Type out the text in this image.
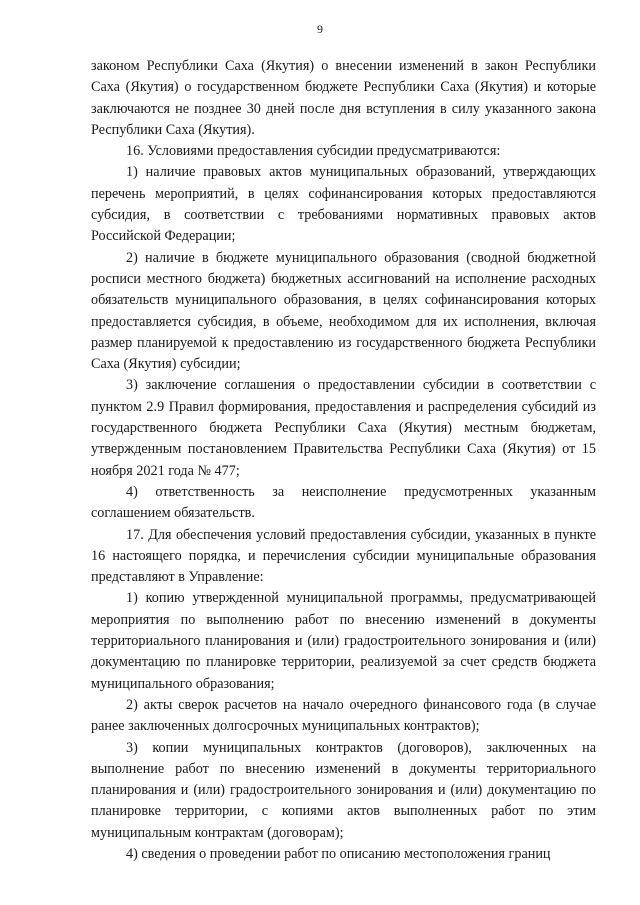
9

законом Республики Саха (Якутия) о внесении изменений в закон Республики Саха (Якутия) о государственном бюджете Республики Саха (Якутия) и которые заключаются не позднее 30 дней после дня вступления в силу указанного закона Республики Саха (Якутия).

16. Условиями предоставления субсидии предусматриваются:

1) наличие правовых актов муниципальных образований, утверждающих перечень мероприятий, в целях софинансирования которых предоставляются субсидия, в соответствии с требованиями нормативных правовых актов Российской Федерации;

2) наличие в бюджете муниципального образования (сводной бюджетной росписи местного бюджета) бюджетных ассигнований на исполнение расходных обязательств муниципального образования, в целях софинансирования которых предоставляется субсидия, в объеме, необходимом для их исполнения, включая размер планируемой к предоставлению из государственного бюджета Республики Саха (Якутия) субсидии;

3) заключение соглашения о предоставлении субсидии в соответствии с пунктом 2.9 Правил формирования, предоставления и распределения субсидий из государственного бюджета Республики Саха (Якутия) местным бюджетам, утвержденным постановлением Правительства Республики Саха (Якутия) от 15 ноября 2021 года № 477;

4) ответственность за неисполнение предусмотренных указанным соглашением обязательств.

17. Для обеспечения условий предоставления субсидии, указанных в пункте 16 настоящего порядка, и перечисления субсидии муниципальные образования представляют в Управление:

1) копию утвержденной муниципальной программы, предусматривающей мероприятия по выполнению работ по внесению изменений в документы территориального планирования и (или) градостроительного зонирования и (или) документацию по планировке территории, реализуемой за счет средств бюджета муниципального образования;

2) акты сверок расчетов на начало очередного финансового года (в случае ранее заключенных долгосрочных муниципальных контрактов);

3) копии муниципальных контрактов (договоров), заключенных на выполнение работ по внесению изменений в документы территориального планирования и (или) градостроительного зонирования и (или) документацию по планировке территории, с копиями актов выполненных работ по этим муниципальным контрактам (договорам);

4) сведения о проведении работ по описанию местоположения границ
